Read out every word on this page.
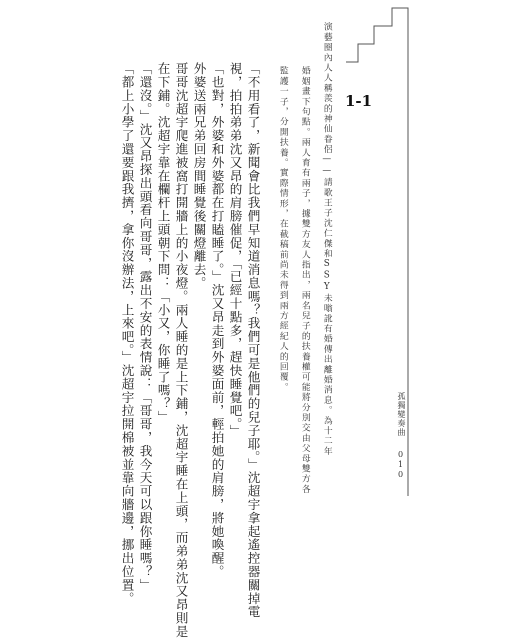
演藝圈內人人稱羨的神仙眷侶——請歌王子沈仁傑和SSY未嗡訛有婚傳出離婚消息。為十二年
婚姻畫下句點。兩人育有兩子，據雙方友人指出，兩名兒子的扶養權可能將分別交由父母雙方各
監護一子，分開扶養。實際情形，在截稿前尚未得到兩方經紀人的回覆。	1-1
「不用看了，新聞會比我們早知道消息嗎？我們可是他們的兒子耶。」沈超宇拿起遙控器關掉電
視，拍拍弟弟沈又昂的肩膀催促，「已經十點多，趕快睡覺吧。」
「也對，外婆和外婆都在打瞌睡了。」沈又昂走到外婆面前，輕拍她的肩膀，將她喚醒。
外婆送兩兄弟回房間睡覺後關燈離去。
哥哥沈超宇爬進被窩打開牆上的小夜燈。兩人睡的是上下鋪，沈超宇睡在上頭，而弟弟沈又昂則是
在下鋪。沈超宇靠在欄杆上頭朝下問：「小又，你睡了嗎？」
「還沒。」沈又昂探出頭看向哥哥，露出不安的表情說：「哥哥，我今天可以跟你睡嗎？」
「都上小學了還要跟我擠，拿你沒辦法，上來吧。」沈超宇拉開棉被並靠向牆邊，挪出位置。	孤獨變奏曲
010
